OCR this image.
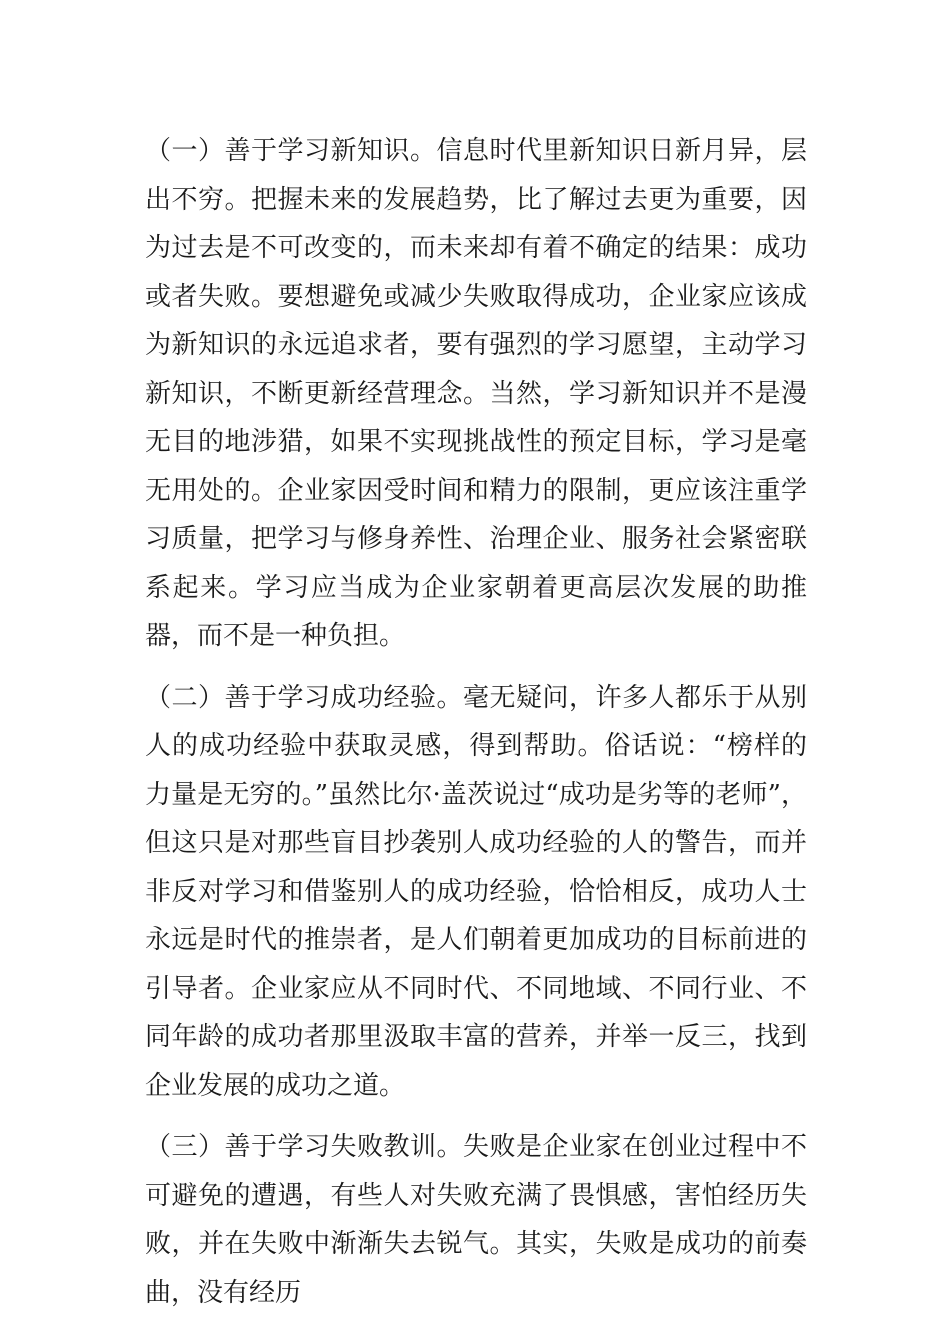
（一）善于学习新知识。信息时代里新知识日新月异，层出不穷。把握未来的发展趋势，比了解过去更为重要，因为过去是不可改变的，而未来却有着不确定的结果：成功或者失败。要想避免或减少失败取得成功，企业家应该成为新知识的永远追求者，要有强烈的学习愿望，主动学习新知识，不断更新经营理念。当然，学习新知识并不是漫无目的地涉猎，如果不实现挑战性的预定目标，学习是毫无用处的。企业家因受时间和精力的限制，更应该注重学习质量，把学习与修身养性、治理企业、服务社会紧密联系起来。学习应当成为企业家朝着更高层次发展的助推器，而不是一种负担。

（二）善于学习成功经验。毫无疑问，许多人都乐于从别人的成功经验中获取灵感，得到帮助。俗话说：“榜样的力量是无穷的。”虽然比尔·盖茨说过“成功是劣等的老师”，但这只是对那些盲目抄袭别人成功经验的人的警告，而并非反对学习和借鉴别人的成功经验，恰恰相反，成功人士永远是时代的推崇者，是人们朝着更加成功的目标前进的引导者。企业家应从不同时代、不同地域、不同行业、不同年龄的成功者那里汲取丰富的营养，并举一反三，找到企业发展的成功之道。

（三）善于学习失败教训。失败是企业家在创业过程中不可避免的遭遇，有些人对失败充满了畏惧感，害怕经历失败，并在失败中渐渐失去锐气。其实，失败是成功的前奏曲，没有经历
